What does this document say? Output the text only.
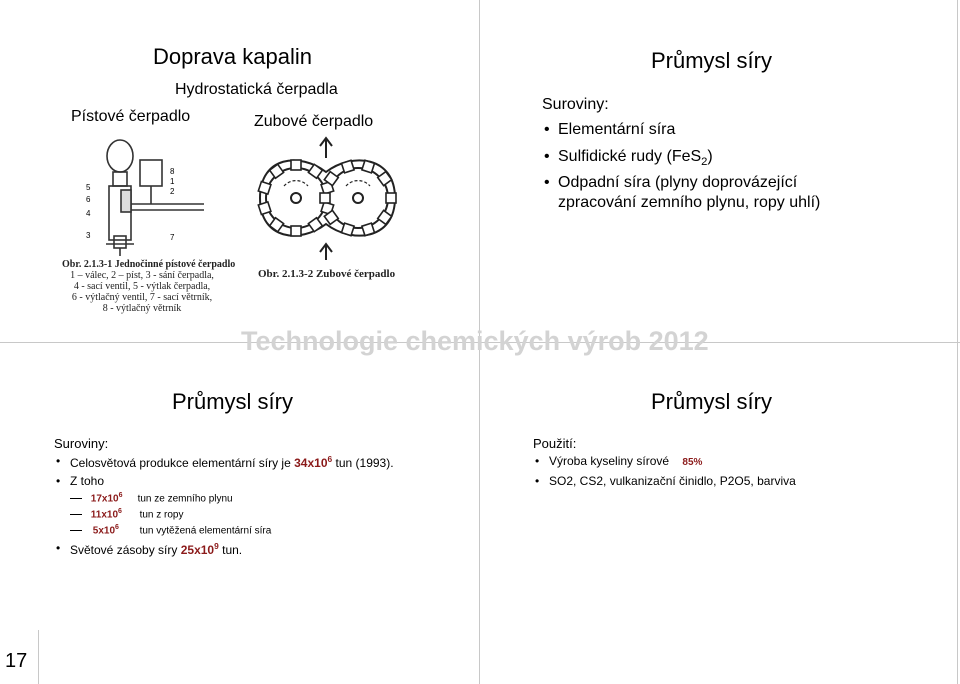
Technologie chemických výrob 2012
17
Doprava kapalin
Hydrostatická čerpadla
Pístové čerpadlo	Zubové čerpadlo
5
6
4
3
8
1
2
7
Obr. 2.1.3-1 Jednočinné pístové čerpadlo
1 – válec, 2 – píst, 3 - sání čerpadla,
4 - sací ventil, 5 - výtlak čerpadla,
6 - výtlačný ventil, 7 - sací větrník,
8 - výtlačný větrník
Obr. 2.1.3-2 Zubové čerpadlo
Průmysl síry
Suroviny:
• Elementární síra
• Sulfidické rudy (FeS$_2$)
• Odpadní síra (plyny doprovázející
zpracování zemního plynu, ropy uhlí)
Průmysl síry
Suroviny:
• Celosvětová produkce elementární síry je $34x10^6$ tun (1993).
• Z toho
$17x10^6$ tun ze zemního plynu
$11x10^6$ tun z ropy
$5x10^6$ tun vytěžená elementární síra
• Světové zásoby síry $25x10^9$ tun.
Průmysl síry
Použití:
• Výroba kyseliny sírové 85%
• SO2, CS2, vulkanizační činidlo, P2O5, barviva
